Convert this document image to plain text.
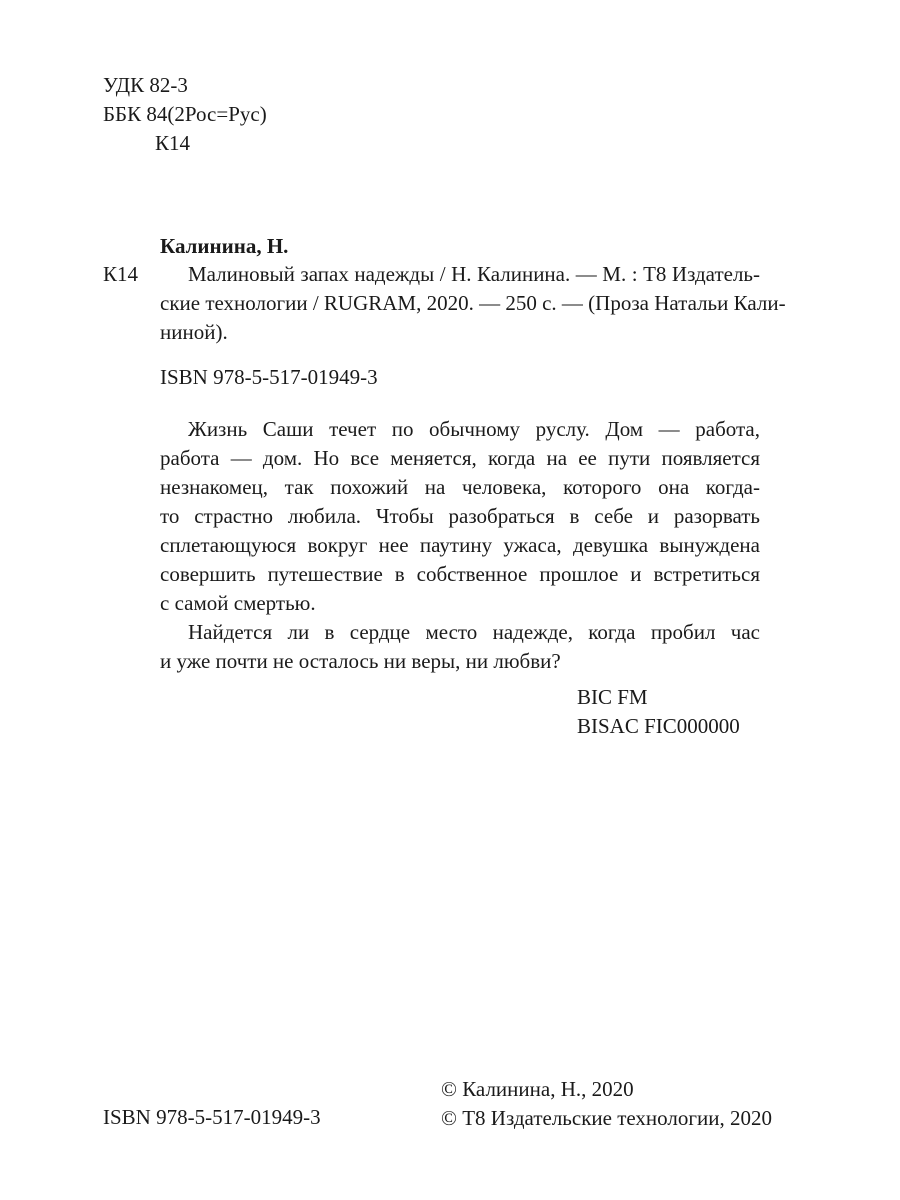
УДК 82-3
ББК 84(2Рос=Рус)
К14
Калинина, Н.
К14	Малиновый запах надежды / Н. Калинина. — М. : Т8 Издатель-
ские технологии / RUGRAM, 2020. — 250 с. — (Проза Натальи Кали-
ниной).
ISBN 978-5-517-01949-3

Жизнь Саши течет по обычному руслу. Дом — работа,
работа — дом. Но все меняется, когда на ее пути появляется
незнакомец, так похожий на человека, которого она когда-
то страстно любила. Чтобы разобраться в себе и разорвать
сплетающуюся вокруг нее паутину ужаса, девушка вынуждена
совершить путешествие в собственное прошлое и встретиться
с самой смертью.

Найдется ли в сердце место надежде, когда пробил час
и уже почти не осталось ни веры, ни любви?

BIC FM
BISAC FIC000000
© Калинина, Н., 2020
© Т8 Издательские технологии, 2020
ISBN 978-5-517-01949-3
